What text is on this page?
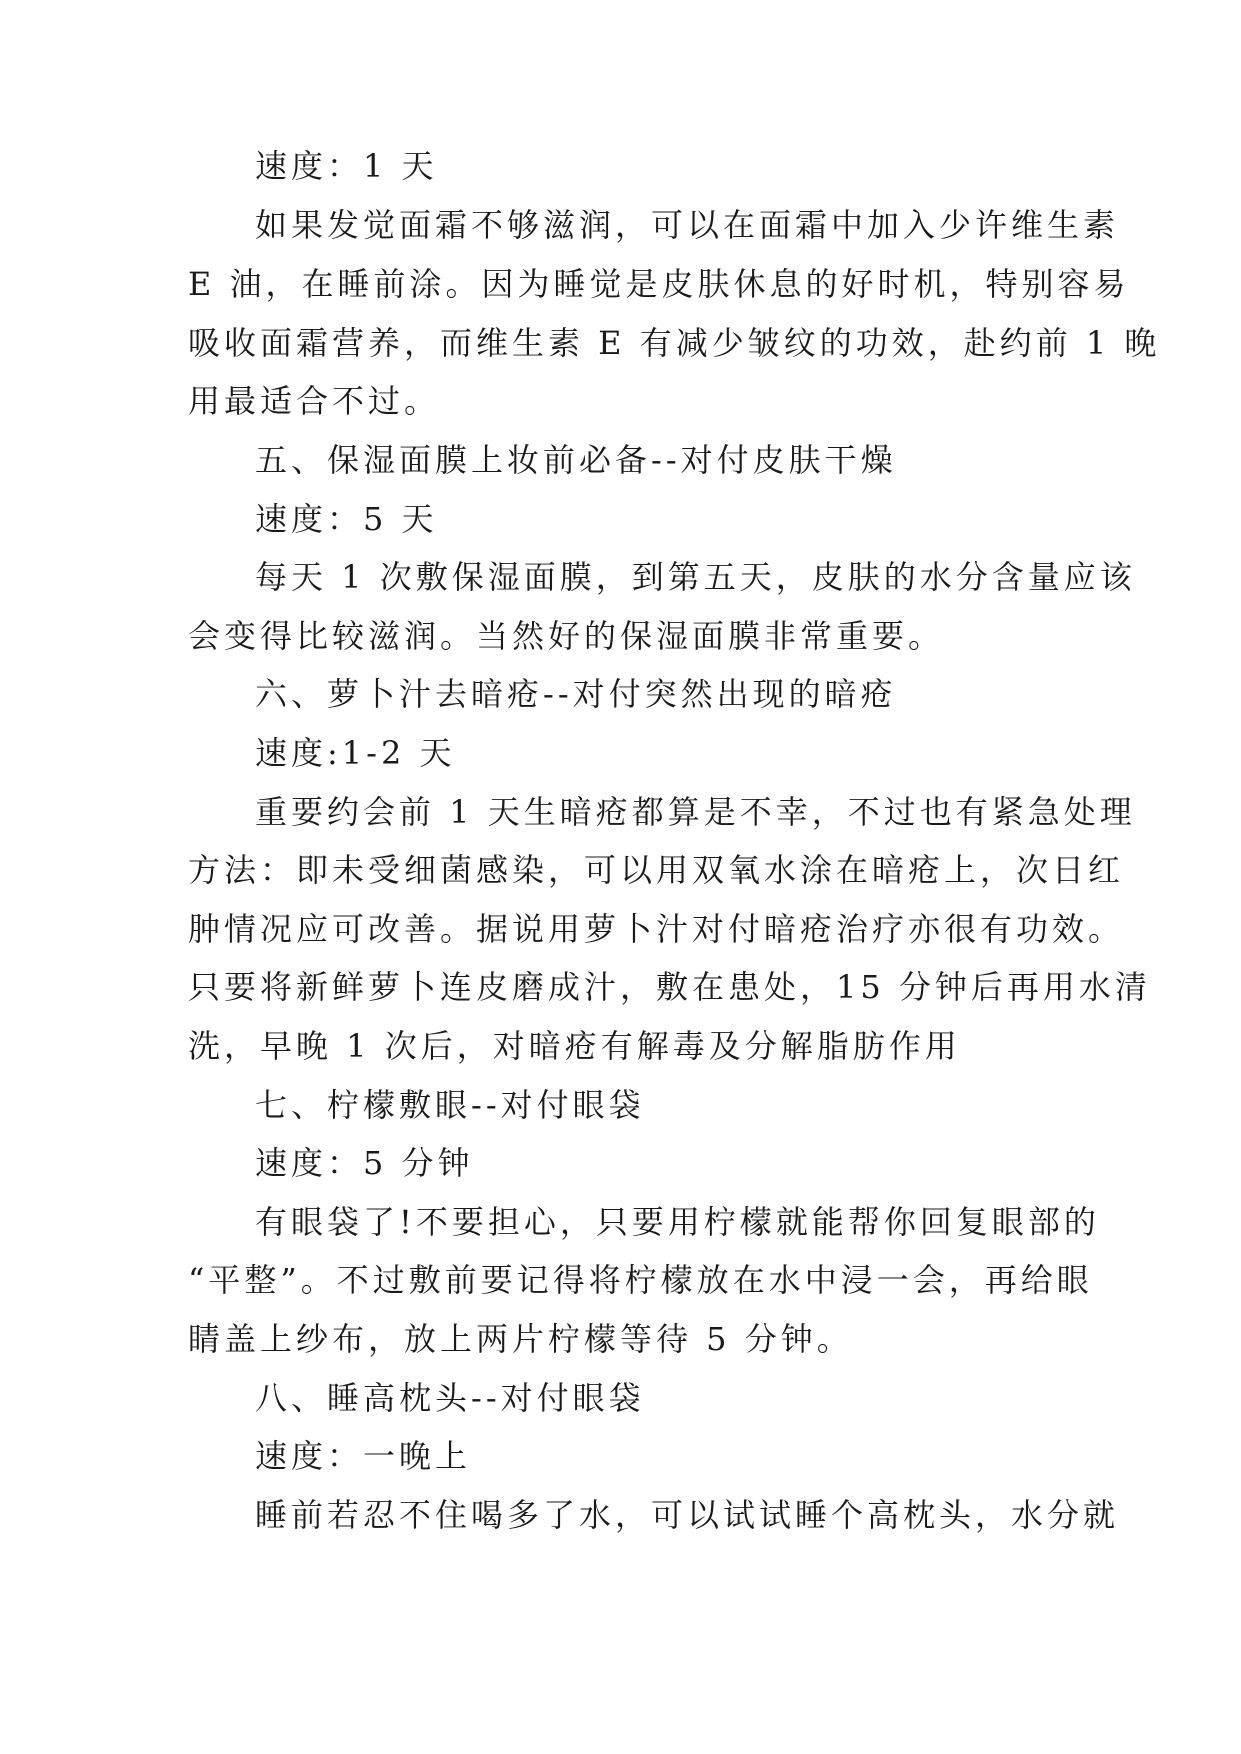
速度：1 天
如果发觉面霜不够滋润，可以在面霜中加入少许维生素
E 油，在睡前涂。因为睡觉是皮肤休息的好时机，特别容易
吸收面霜营养，而维生素 E 有减少皱纹的功效，赴约前 1 晚
用最适合不过。
五、保湿面膜上妆前必备--对付皮肤干燥
速度：5 天
每天 1 次敷保湿面膜，到第五天，皮肤的水分含量应该
会变得比较滋润。当然好的保湿面膜非常重要。
六、萝卜汁去暗疮--对付突然出现的暗疮
速度:1-2 天
重要约会前 1 天生暗疮都算是不幸，不过也有紧急处理
方法：即未受细菌感染，可以用双氧水涂在暗疮上，次日红
肿情况应可改善。据说用萝卜汁对付暗疮治疗亦很有功效。
只要将新鲜萝卜连皮磨成汁，敷在患处，15 分钟后再用水清
洗，早晚 1 次后，对暗疮有解毒及分解脂肪作用
七、柠檬敷眼--对付眼袋
速度：5 分钟
有眼袋了!不要担心，只要用柠檬就能帮你回复眼部的
“平整”。不过敷前要记得将柠檬放在水中浸一会，再给眼
睛盖上纱布，放上两片柠檬等待 5 分钟。
八、睡高枕头--对付眼袋
速度：一晚上
睡前若忍不住喝多了水，可以试试睡个高枕头，水分就
